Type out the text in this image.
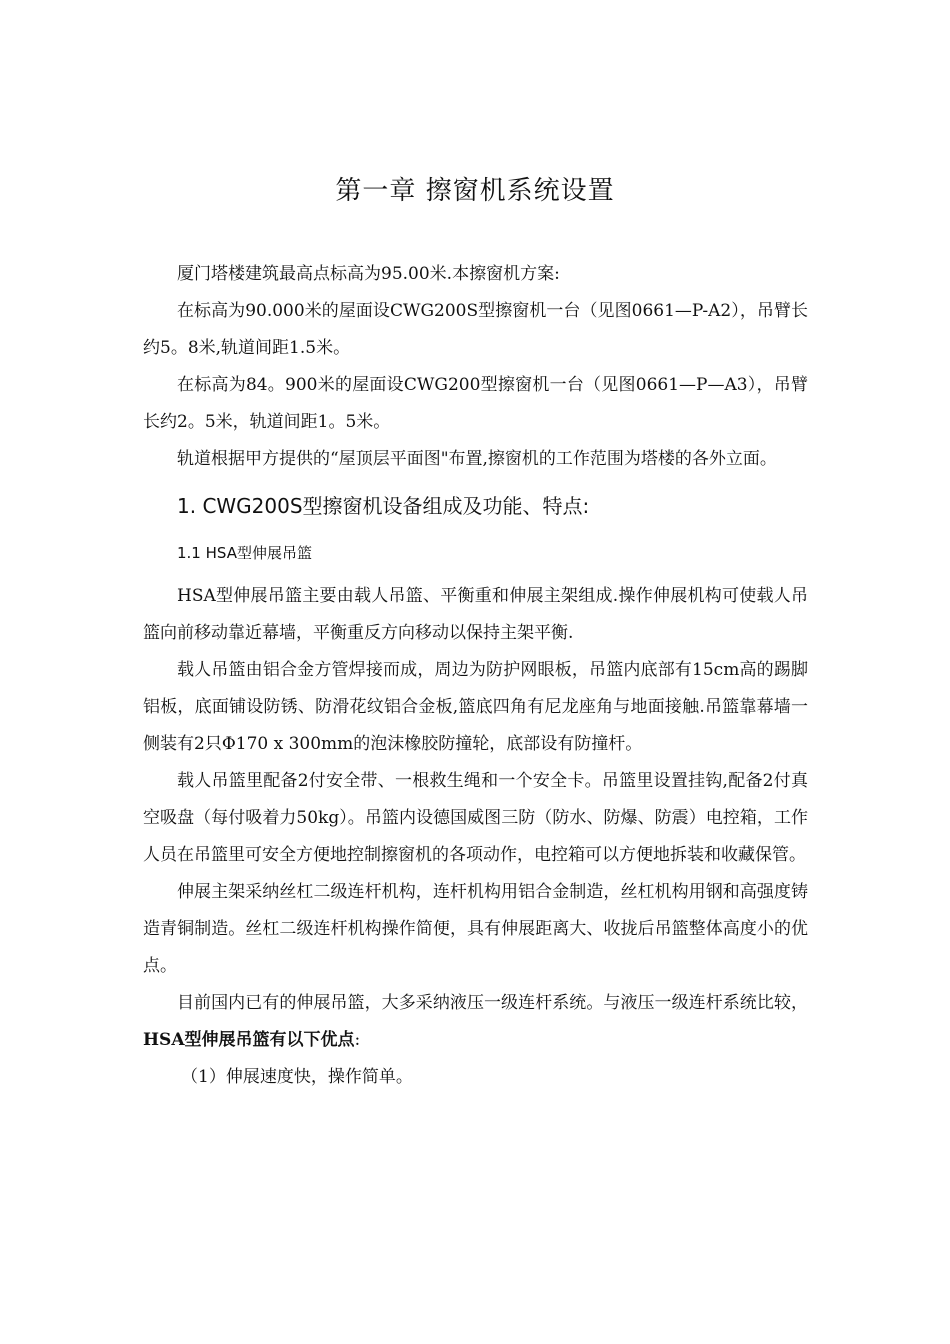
第一章 擦窗机系统设置

厦门塔楼建筑最高点标高为95.00米.本擦窗机方案:

在标高为90.000米的屋面设CWG200S型擦窗机一台（见图0661—P-A2），吊臂长约5。8米,轨道间距1.5米。

在标高为84。900米的屋面设CWG200型擦窗机一台（见图0661—P—A3），吊臂长约2。5米，轨道间距1。5米。

轨道根据甲方提供的“屋顶层平面图"布置,擦窗机的工作范围为塔楼的各外立面。

1. CWG200S型擦窗机设备组成及功能、特点:
1.1 HSA型伸展吊篮

HSA型伸展吊篮主要由载人吊篮、平衡重和伸展主架组成.操作伸展机构可使载人吊篮向前移动靠近幕墙，平衡重反方向移动以保持主架平衡.

载人吊篮由铝合金方管焊接而成，周边为防护网眼板，吊篮内底部有15cm高的踢脚铝板，底面铺设防锈、防滑花纹铝合金板,篮底四角有尼龙座角与地面接触.吊篮靠幕墙一侧装有2只Φ170 x 300mm的泡沫橡胶防撞轮，底部设有防撞杆。

载人吊篮里配备2付安全带、一根救生绳和一个安全卡。吊篮里设置挂钩,配备2付真空吸盘（每付吸着力50kg）。吊篮内设德国威图三防（防水、防爆、防震）电控箱，工作人员在吊篮里可安全方便地控制擦窗机的各项动作，电控箱可以方便地拆装和收藏保管。

伸展主架采纳丝杠二级连杆机构，连杆机构用铝合金制造，丝杠机构用钢和高强度铸造青铜制造。丝杠二级连杆机构操作简便，具有伸展距离大、收拢后吊篮整体高度小的优点。

目前国内已有的伸展吊篮，大多采纳液压一级连杆系统。与液压一级连杆系统比较，HSA型伸展吊篮有以下优点:

（1）伸展速度快，操作简单。
